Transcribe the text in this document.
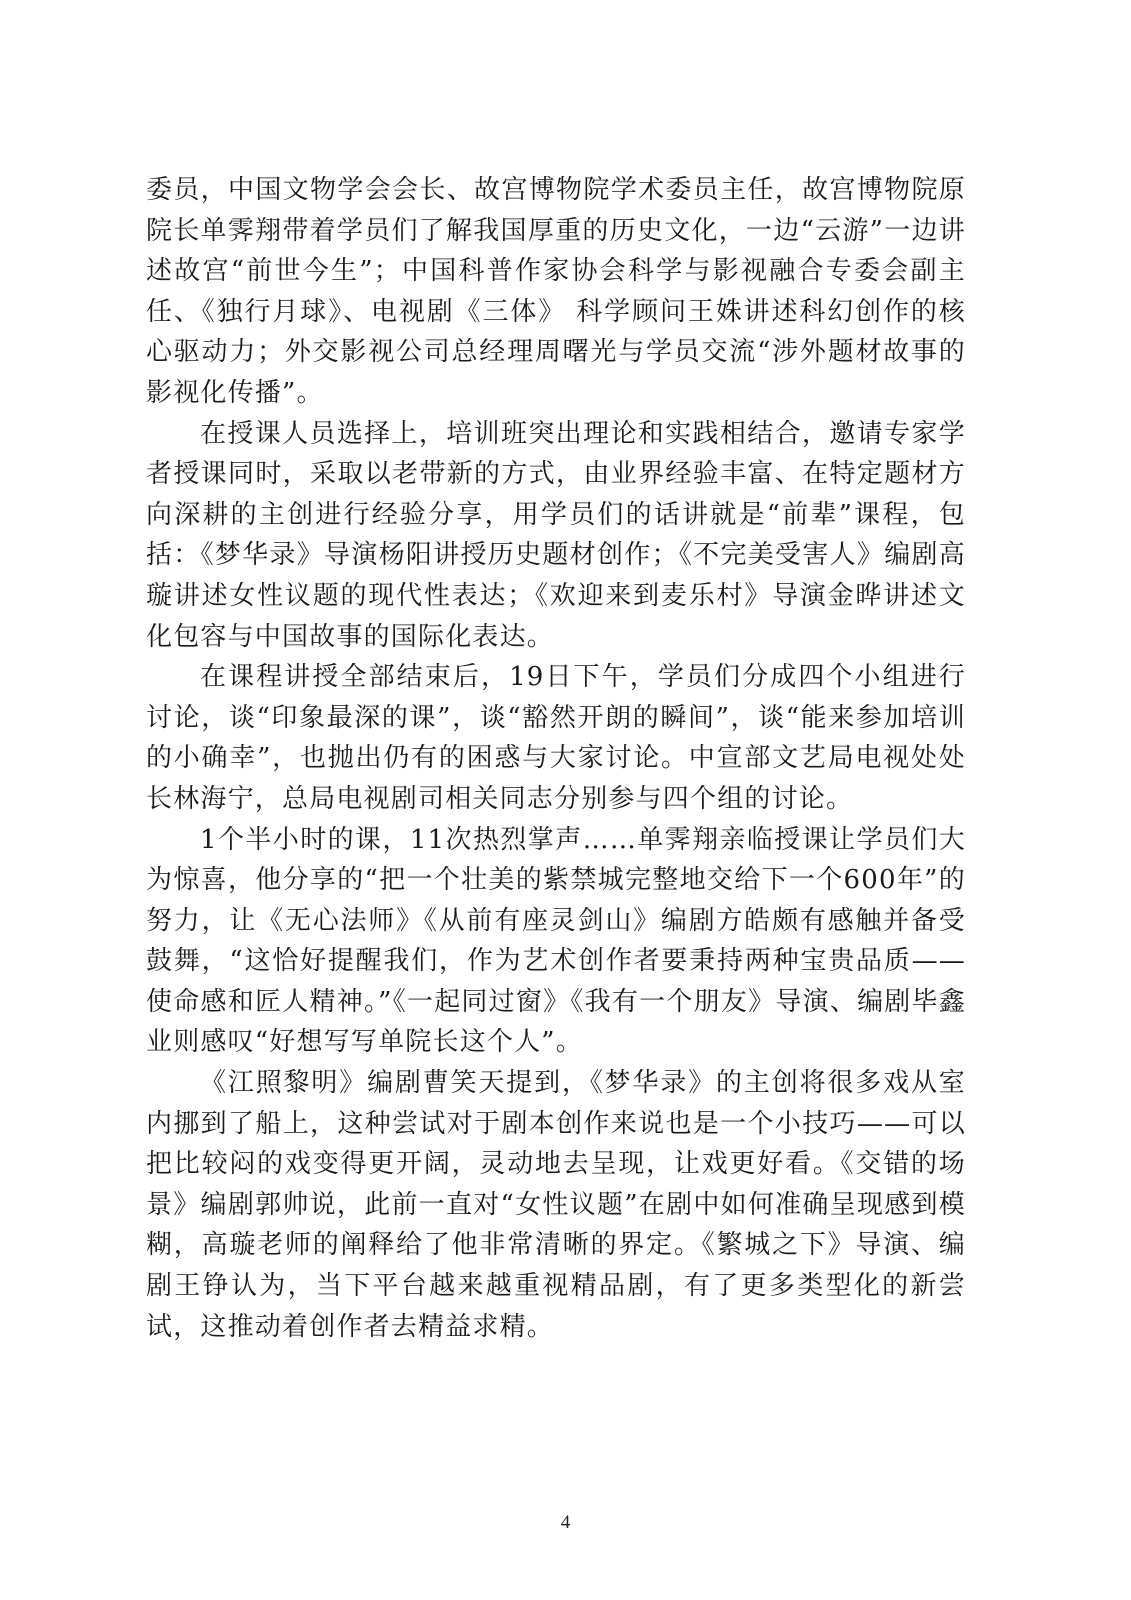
委员，中国文物学会会长、故宫博物院学术委员主任，故宫博物院原院长单霁翔带着学员们了解我国厚重的历史文化，一边“云游”一边讲述故宫“前世今生”；中国科普作家协会科学与影视融合专委会副主任、《独行月球》、电视剧《三体》 科学顾问王姝讲述科幻创作的核心驱动力；外交影视公司总经理周曙光与学员交流“涉外题材故事的影视化传播”。

在授课人员选择上，培训班突出理论和实践相结合，邀请专家学者授课同时，采取以老带新的方式，由业界经验丰富、在特定题材方向深耕的主创进行经验分享，用学员们的话讲就是“前辈”课程，包括：《梦华录》导演杨阳讲授历史题材创作；《不完美受害人》编剧高璇讲述女性议题的现代性表达；《欢迎来到麦乐村》导演金晔讲述文化包容与中国故事的国际化表达。

在课程讲授全部结束后，19日下午，学员们分成四个小组进行讨论，谈“印象最深的课”，谈“豁然开朗的瞬间”，谈“能来参加培训的小确幸”，也抛出仍有的困惑与大家讨论。中宣部文艺局电视处处长林海宁，总局电视剧司相关同志分别参与四个组的讨论。

1个半小时的课，11次热烈掌声……单霁翔亲临授课让学员们大为惊喜，他分享的“把一个壮美的紫禁城完整地交给下一个600年”的努力，让《无心法师》《从前有座灵剑山》编剧方皓颇有感触并备受鼓舞，“这恰好提醒我们，作为艺术创作者要秉持两种宝贵品质——使命感和匠人精神。”《一起同过窗》《我有一个朋友》导演、编剧毕鑫业则感叹“好想写写单院长这个人”。

《江照黎明》编剧曹笑天提到，《梦华录》的主创将很多戏从室内挪到了船上，这种尝试对于剧本创作来说也是一个小技巧——可以把比较闷的戏变得更开阔，灵动地去呈现，让戏更好看。《交错的场景》编剧郭帅说，此前一直对“女性议题”在剧中如何准确呈现感到模糊，高璇老师的阐释给了他非常清晰的界定。《繁城之下》导演、编剧王铮认为，当下平台越来越重视精品剧，有了更多类型化的新尝试，这推动着创作者去精益求精。

4
